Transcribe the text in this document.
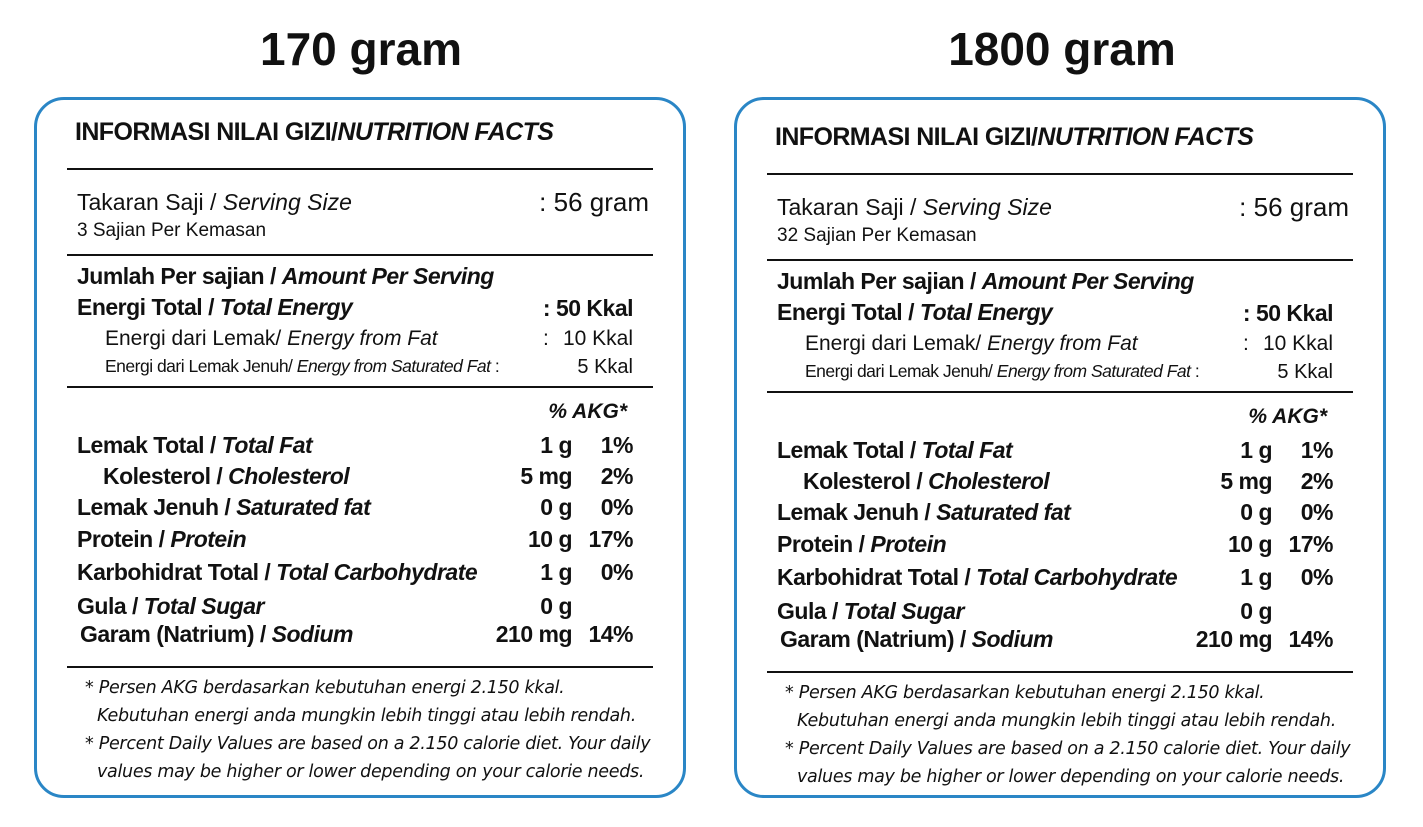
170 gram
INFORMASI NILAI GIZI/NUTRITION FACTS
Takaran Saji / Serving Size	: 56 gram
3 Sajian Per Kemasan
Jumlah Per sajian / Amount Per Serving
Energi Total / Total Energy	: 50 Kkal
Energi dari Lemak/ Energy from Fat	: 10 Kkal
Energi dari Lemak Jenuh/ Energy from Saturated Fat :	5 Kkal
% AKG*
Lemak Total / Total Fat	1 g 1%
Kolesterol / Cholesterol	5 mg 2%
Lemak Jenuh / Saturated fat	0 g 0%
Protein / Protein	10 g 17%
Karbohidrat Total / Total Carbohydrate	1 g 0%
Gula / Total Sugar	0 g
Garam (Natrium) / Sodium	210 mg 14%
* Persen AKG berdasarkan kebutuhan energi 2.150 kkal.
Kebutuhan energi anda mungkin lebih tinggi atau lebih rendah.
* Percent Daily Values are based on a 2.150 calorie diet. Your daily
values may be higher or lower depending on your calorie needs.
1800 gram
INFORMASI NILAI GIZI/NUTRITION FACTS
Takaran Saji / Serving Size	: 56 gram
32 Sajian Per Kemasan
Jumlah Per sajian / Amount Per Serving
Energi Total / Total Energy	: 50 Kkal
Energi dari Lemak/ Energy from Fat	: 10 Kkal
Energi dari Lemak Jenuh/ Energy from Saturated Fat :	5 Kkal
% AKG*
Lemak Total / Total Fat	1 g 1%
Kolesterol / Cholesterol	5 mg 2%
Lemak Jenuh / Saturated fat	0 g 0%
Protein / Protein	10 g 17%
Karbohidrat Total / Total Carbohydrate	1 g 0%
Gula / Total Sugar	0 g
Garam (Natrium) / Sodium	210 mg 14%
* Persen AKG berdasarkan kebutuhan energi 2.150 kkal.
Kebutuhan energi anda mungkin lebih tinggi atau lebih rendah.
* Percent Daily Values are based on a 2.150 calorie diet. Your daily
values may be higher or lower depending on your calorie needs.
